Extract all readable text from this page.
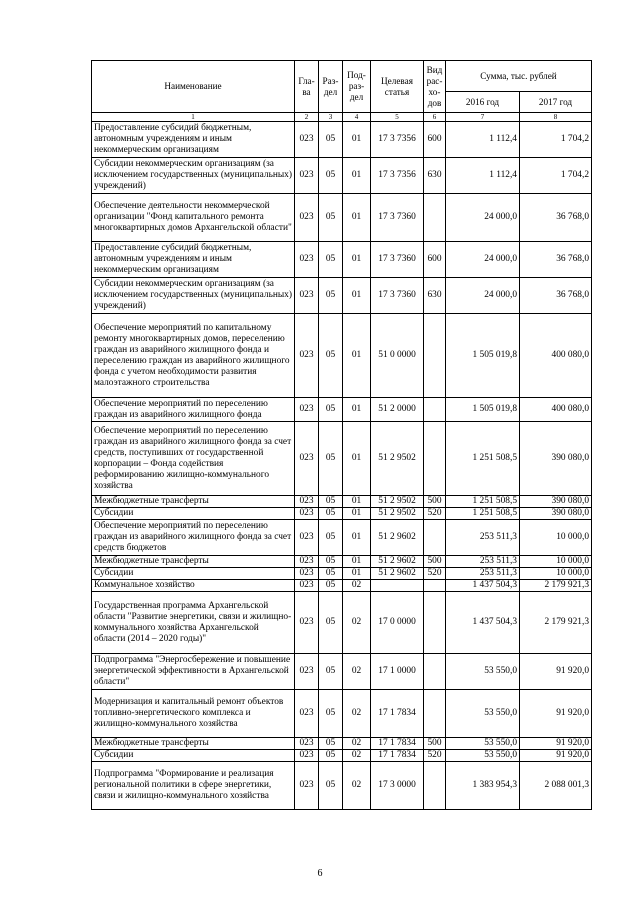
Наименование	Гла-ва	Раз-дел	Под-раз-дел	Целевая статья	Вид рас-хо-дов	Сумма, тыс. рублей	
						2016 год	2017 год
1	2	3	4	5	6	7	8
Предоставление субсидий бюджетным, автономным учреждениям и иным некоммерческим организациям	023	05	01	17 3 7356	600	1 112,4	1 704,2
Субсидии некоммерческим организациям (за исключением государственных (муниципальных) учреждений)	023	05	01	17 3 7356	630	1 112,4	1 704,2
Обеспечение деятельности некоммерческой организации "Фонд капитального ремонта многоквартирных домов Архангельской области"	023	05	01	17 3 7360		24 000,0	36 768,0
Предоставление субсидий бюджетным, автономным учреждениям и иным некоммерческим организациям	023	05	01	17 3 7360	600	24 000,0	36 768,0
Субсидии некоммерческим организациям (за исключением государственных (муниципальных) учреждений)	023	05	01	17 3 7360	630	24 000,0	36 768,0
Обеспечение мероприятий по капитальному ремонту многоквартирных домов, переселению граждан из аварийного жилищного фонда и переселению граждан из аварийного жилищного фонда с учетом необходимости развития малоэтажного строительства	023	05	01	51 0 0000		1 505 019,8	400 080,0
Обеспечение мероприятий по переселению граждан из аварийного жилищного фонда	023	05	01	51 2 0000		1 505 019,8	400 080,0
Обеспечение мероприятий по переселению граждан из аварийного жилищного фонда за счет средств, поступивших от государственной корпорации – Фонда содействия реформированию жилищно-коммунального хозяйства	023	05	01	51 2 9502		1 251 508,5	390 080,0
Межбюджетные трансферты	023	05	01	51 2 9502	500	1 251 508,5	390 080,0
Субсидии	023	05	01	51 2 9502	520	1 251 508,5	390 080,0
Обеспечение мероприятий по переселению граждан из аварийного жилищного фонда за счет средств бюджетов	023	05	01	51 2 9602		253 511,3	10 000,0
Межбюджетные трансферты	023	05	01	51 2 9602	500	253 511,3	10 000,0
Субсидии	023	05	01	51 2 9602	520	253 511,3	10 000,0
Коммунальное хозяйство	023	05	02			1 437 504,3	2 179 921,3
Государственная программа Архангельской области "Развитие энергетики, связи и жилищно-коммунального хозяйства Архангельской области (2014 – 2020 годы)"	023	05	02	17 0 0000		1 437 504,3	2 179 921,3
Подпрограмма "Энергосбережение и повышение энергетической эффективности в Архангельской области"	023	05	02	17 1 0000		53 550,0	91 920,0
Модернизация и капитальный ремонт объектов топливно-энергетического комплекса и жилищно-коммунального хозяйства	023	05	02	17 1 7834		53 550,0	91 920,0
Межбюджетные трансферты	023	05	02	17 1 7834	500	53 550,0	91 920,0
Субсидии	023	05	02	17 1 7834	520	53 550,0	91 920,0
Подпрограмма "Формирование и реализация региональной политики в сфере энергетики, связи и жилищно-коммунального хозяйства	023	05	02	17 3 0000		1 383 954,3	2 088 001,3
6
